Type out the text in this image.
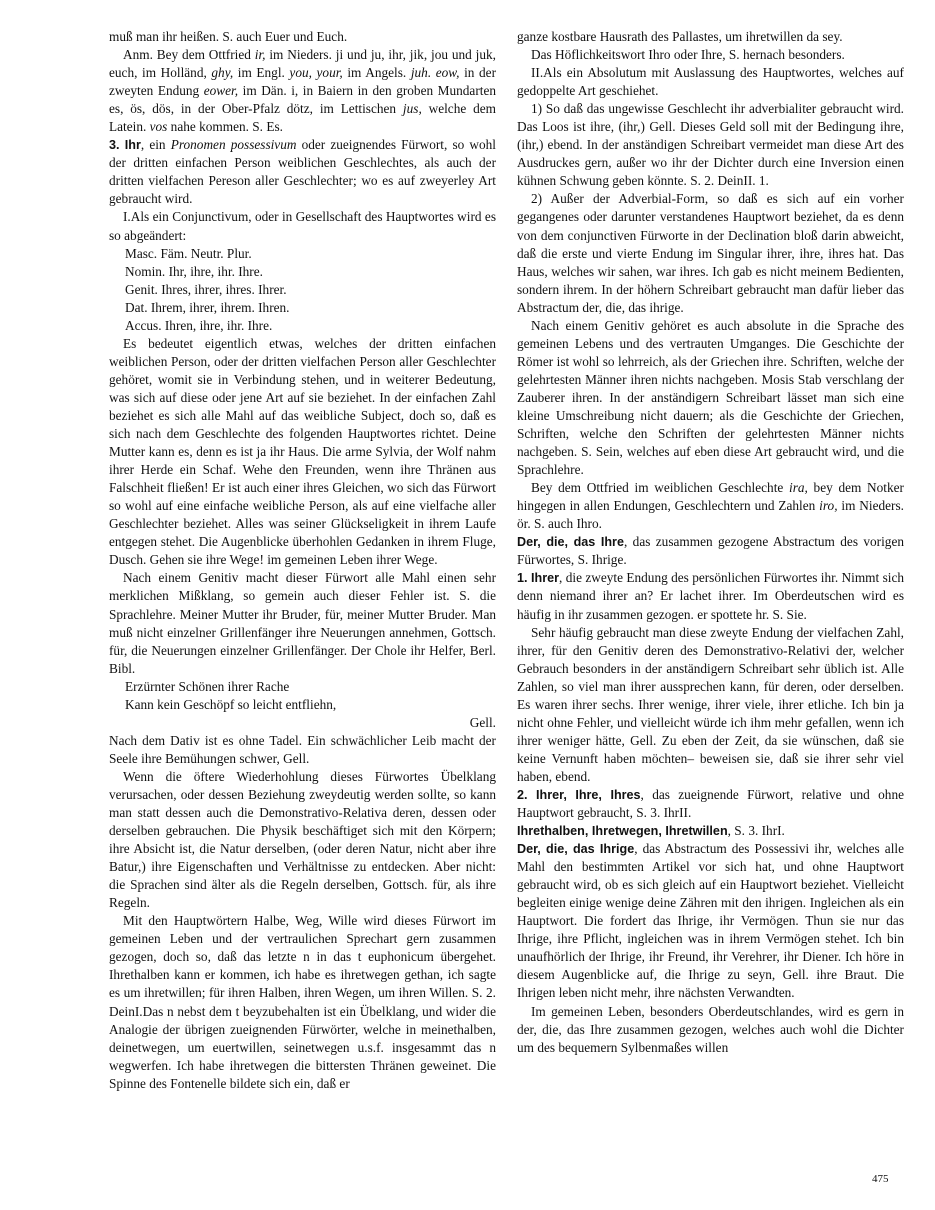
muß man ihr heißen. S. auch Euer und Euch.

Anm. Bey dem Ottfried ir, im Nieders. ji und ju, ihr, jik, jou und juk, euch, im Holländ, ghy, im Engl. you, your, im Angels. juh. eow, in der zweyten Endung eower, im Dän. i, in Baiern in den groben Mundarten es, ös, dös, in der Ober-Pfalz dötz, im Lettischen jus, welche dem Latein. vos nahe kommen. S. Es.

3. Ihr, ein Pronomen possessivum oder zueignendes Fürwort, so wohl der dritten einfachen Person weiblichen Geschlechtes, als auch der dritten vielfachen Pereson aller Geschlechter; wo es auf zweyerley Art gebraucht wird.

I.Als ein Conjunctivum, oder in Gesellschaft des Hauptwortes wird es so abgeändert:

Masc. Fäm. Neutr. Plur.

Nomin. Ihr, ihre, ihr. Ihre.

Genit. Ihres, ihrer, ihres. Ihrer.

Dat. Ihrem, ihrer, ihrem. Ihren.

Accus. Ihren, ihre, ihr. Ihre.

Es bedeutet eigentlich etwas, welches der dritten einfachen weiblichen Person, oder der dritten vielfachen Person aller Geschlechter gehöret, womit sie in Verbindung stehen, und in weiterer Bedeutung, was sich auf diese oder jene Art auf sie beziehet. In der einfachen Zahl beziehet es sich alle Mahl auf das weibliche Subject, doch so, daß es sich nach dem Geschlechte des folgenden Hauptwortes richtet. Deine Mutter kann es, denn es ist ja ihr Haus. Die arme Sylvia, der Wolf nahm ihrer Herde ein Schaf. Wehe den Freunden, wenn ihre Thränen aus Falschheit fließen! Er ist auch einer ihres Gleichen, wo sich das Fürwort so wohl auf eine einfache weibliche Person, als auf eine vielfache aller Geschlechter beziehet. Alles was seiner Glückseligkeit in ihrem Laufe entgegen stehet. Die Augenblicke überhohlen Gedanken in ihrem Fluge, Dusch. Gehen sie ihre Wege! im gemeinen Leben ihrer Wege.

Nach einem Genitiv macht dieser Fürwort alle Mahl einen sehr merklichen Mißklang, so gemein auch dieser Fehler ist. S. die Sprachlehre. Meiner Mutter ihr Bruder, für, meiner Mutter Bruder. Man muß nicht einzelner Grillenfänger ihre Neuerungen annehmen, Gottsch. für, die Neuerungen einzelner Grillenfänger. Der Chole ihr Helfer, Berl. Bibl.

Erzürnter Schönen ihrer Rache

Kann kein Geschöpf so leicht entfliehn,

Gell.

Nach dem Dativ ist es ohne Tadel. Ein schwächlicher Leib macht der Seele ihre Bemühungen schwer, Gell.

Wenn die öftere Wiederhohlung dieses Fürwortes Übelklang verursachen, oder dessen Beziehung zweydeutig werden sollte, so kann man statt dessen auch die Demonstrativo-Relativa deren, dessen oder derselben gebrauchen. Die Physik beschäftiget sich mit den Körpern; ihre Absicht ist, die Natur derselben, (oder deren Natur, nicht aber ihre Batur,) ihre Eigenschaften und Verhältnisse zu entdecken. Aber nicht: die Sprachen sind älter als die Regeln derselben, Gottsch. für, als ihre Regeln.

Mit den Hauptwörtern Halbe, Weg, Wille wird dieses Fürwort im gemeinen Leben und der vertraulichen Sprechart gern zusammen gezogen, doch so, daß das letzte n in das t euphonicum übergehet. Ihrethalben kann er kommen, ich habe es ihretwegen gethan, ich sagte es um ihretwillen; für ihren Halben, ihren Wegen, um ihren Willen. S. 2. DeinI.Das n nebst dem t beyzubehalten ist ein Übelklang, und wider die Analogie der übrigen zueignenden Fürwörter, welche in meinethalben, deinetwegen, um euertwillen, seinetwegen u.s.f. insgesammt das n wegwerfen. Ich habe ihretwegen die bittersten Thränen geweinet. Die Spinne des Fontenelle bildete sich ein, daß er

ganze kostbare Hausrath des Pallastes, um ihretwillen da sey.

Das Höflichkeitswort Ihro oder Ihre, S. hernach besonders.

II.Als ein Absolutum mit Auslassung des Hauptwortes, welches auf gedoppelte Art geschiehet.

1) So daß das ungewisse Geschlecht ihr adverbialiter gebraucht wird. Das Loos ist ihre, (ihr,) Gell. Dieses Geld soll mit der Bedingung ihre, (ihr,) ebend. In der anständigen Schreibart vermeidet man diese Art des Ausdruckes gern, außer wo ihr der Dichter durch eine Inversion einen kühnen Schwung geben könnte. S. 2. DeinII. 1.

2) Außer der Adverbial-Form, so daß es sich auf ein vorher gegangenes oder darunter verstandenes Hauptwort beziehet, da es denn von dem conjunctiven Fürworte in der Declination bloß darin abweicht, daß die erste und vierte Endung im Singular ihrer, ihre, ihres hat. Das Haus, welches wir sahen, war ihres. Ich gab es nicht meinem Bedienten, sondern ihrem. In der höhern Schreibart gebraucht man dafür lieber das Abstractum der, die, das ihrige.

Nach einem Genitiv gehöret es auch absolute in die Sprache des gemeinen Lebens und des vertrauten Umganges. Die Geschichte der Römer ist wohl so lehrreich, als der Griechen ihre. Schriften, welche der gelehrtesten Männer ihren nichts nachgeben. Mosis Stab verschlang der Zauberer ihren. In der anständigern Schreibart lässet man sich eine kleine Umschreibung nicht dauern; als die Geschichte der Griechen, Schriften, welche den Schriften der gelehrtesten Männer nichts nachgeben. S. Sein, welches auf eben diese Art gebraucht wird, und die Sprachlehre.

Bey dem Ottfried im weiblichen Geschlechte ira, bey dem Notker hingegen in allen Endungen, Geschlechtern und Zahlen iro, im Nieders. ör. S. auch Ihro.

Der, die, das Ihre, das zusammen gezogene Abstractum des vorigen Fürwortes, S. Ihrige.

1. Ihrer, die zweyte Endung des persönlichen Fürwortes ihr. Nimmt sich denn niemand ihrer an? Er lachet ihrer. Im Oberdeutschen wird es häufig in ihr zusammen gezogen. er spottete hr. S. Sie.

Sehr häufig gebraucht man diese zweyte Endung der vielfachen Zahl, ihrer, für den Genitiv deren des Demonstrativo-Relativi der, welcher Gebrauch besonders in der anständigern Schreibart sehr üblich ist. Alle Zahlen, so viel man ihrer aussprechen kann, für deren, oder derselben. Es waren ihrer sechs. Ihrer wenige, ihrer viele, ihrer etliche. Ich bin ja nicht ohne Fehler, und vielleicht würde ich ihm mehr gefallen, wenn ich ihrer weniger hätte, Gell. Zu eben der Zeit, da sie wünschen, daß sie keine Vernunft haben möchten– beweisen sie, daß sie ihrer sehr viel haben, ebend.

2. Ihrer, Ihre, Ihres, das zueignende Fürwort, relative und ohne Hauptwort gebraucht, S. 3. IhrII.

Ihrethalben, Ihretwegen, Ihretwillen, S. 3. IhrI.

Der, die, das Ihrige, das Abstractum des Possessivi ihr, welches alle Mahl den bestimmten Artikel vor sich hat, und ohne Hauptwort gebraucht wird, ob es sich gleich auf ein Hauptwort beziehet. Vielleicht begleiten einige wenige deine Zähren mit den ihrigen. Ingleichen als ein Hauptwort. Die fordert das Ihrige, ihr Vermögen. Thun sie nur das Ihrige, ihre Pflicht, ingleichen was in ihrem Vermögen stehet. Ich bin unaufhörlich der Ihrige, ihr Freund, ihr Verehrer, ihr Diener. Ich höre in diesem Augenblicke auf, die Ihrige zu seyn, Gell. ihre Braut. Die Ihrigen leben nicht mehr, ihre nächsten Verwandten.

Im gemeinen Leben, besonders Oberdeutschlandes, wird es gern in der, die, das Ihre zusammen gezogen, welches auch wohl die Dichter um des bequemern Sylbenmaßes willen

475
